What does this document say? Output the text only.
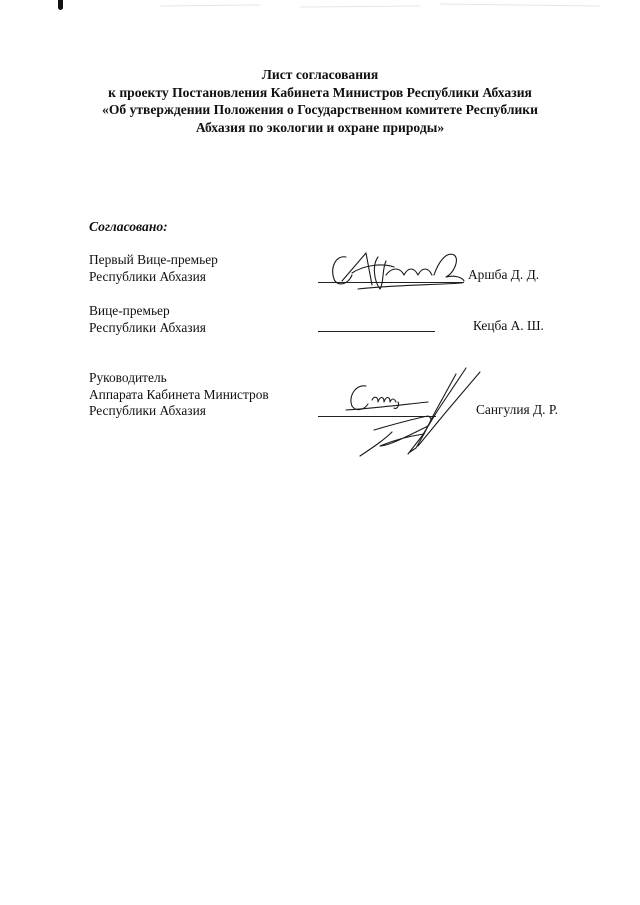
Лист согласования
к проекту Постановления Кабинета Министров Республики Абхазия
«Об утверждении Положения о Государственном комитете Республики
Абхазия по экологии и охране природы»
Согласовано:
Первый Вице-премьер
Республики Абхазия	Аршба Д. Д.
Вице-премьер
Республики Абхазия	Кецба А. Ш.
Руководитель
Аппарата Кабинета Министров
Республики Абхазия	Сангулия Д. Р.
